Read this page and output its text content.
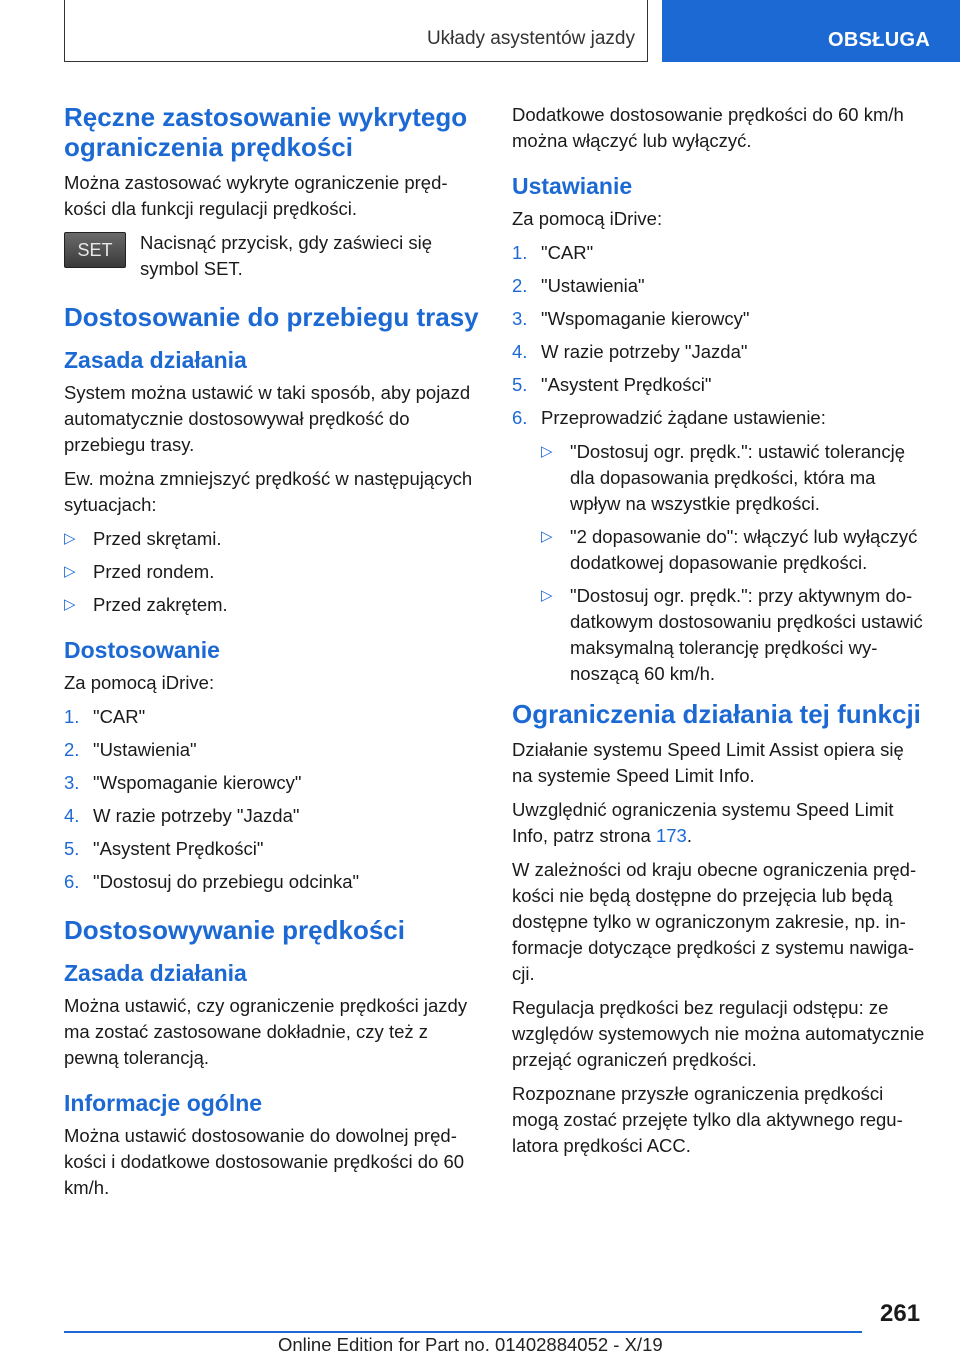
Układy asystentów jazdy	OBSŁUGA
Ręczne zastosowanie wykrytego ograniczenia prędkości

Można zastosować wykryte ograniczenie prędkości dla funkcji regulacji prędkości.

SET	Nacisnąć przycisk, gdy zaświeci się symbol SET.
Dostosowanie do przebiegu trasy
Zasada działania

System można ustawić w taki sposób, aby pojazd automatycznie dostosowywał prędkość do przebiegu trasy.

Ew. można zmniejszyć prędkość w następujących sytuacjach:

▷ Przed skrętami.
▷ Przed rondem.
▷ Przed zakrętem.
Dostosowanie

Za pomocą iDrive:

1. "CAR"
2. "Ustawienia"
3. "Wspomaganie kierowcy"
4. W razie potrzeby "Jazda"
5. "Asystent Prędkości"
6. "Dostosuj do przebiegu odcinka"
Dostosowywanie prędkości
Zasada działania

Można ustawić, czy ograniczenie prędkości jazdy ma zostać zastosowane dokładnie, czy też z pewną tolerancją.

Informacje ogólne

Można ustawić dostosowanie do dowolnej prędkości i dodatkowe dostosowanie prędkości do 60 km/h.

Dodatkowe dostosowanie prędkości do 60 km/h można włączyć lub wyłączyć.

Ustawianie

Za pomocą iDrive:

1. "CAR"
2. "Ustawienia"
3. "Wspomaganie kierowcy"
4. W razie potrzeby "Jazda"
5. "Asystent Prędkości"
6. Przeprowadzić żądane ustawienie:
▷ "Dostosuj ogr. prędk.": ustawić tolerancję dla dopasowania prędkości, która ma wpływ na wszystkie prędkości.
▷ "2 dopasowanie do": włączyć lub wyłączyć dodatkowej dopasowanie prędkości.
▷ "Dostosuj ogr. prędk.": przy aktywnym dodatkowym dostosowaniu prędkości ustawić maksymalną tolerancję prędkości wynoszącą 60 km/h.
Ograniczenia działania tej funkcji

Działanie systemu Speed Limit Assist opiera się na systemie Speed Limit Info.

Uwzględnić ograniczenia systemu Speed Limit Info, patrz strona 173.

W zależności od kraju obecne ograniczenia prędkości nie będą dostępne do przejęcia lub będą dostępne tylko w ograniczonym zakresie, np. informacje dotyczące prędkości z systemu nawigacji.

Regulacja prędkości bez regulacji odstępu: ze względów systemowych nie można automatycznie przejąć ograniczeń prędkości.

Rozpoznane przyszłe ograniczenia prędkości mogą zostać przejęte tylko dla aktywnego regulatora prędkości ACC.

261
Online Edition for Part no. 01402884052 - X/19
